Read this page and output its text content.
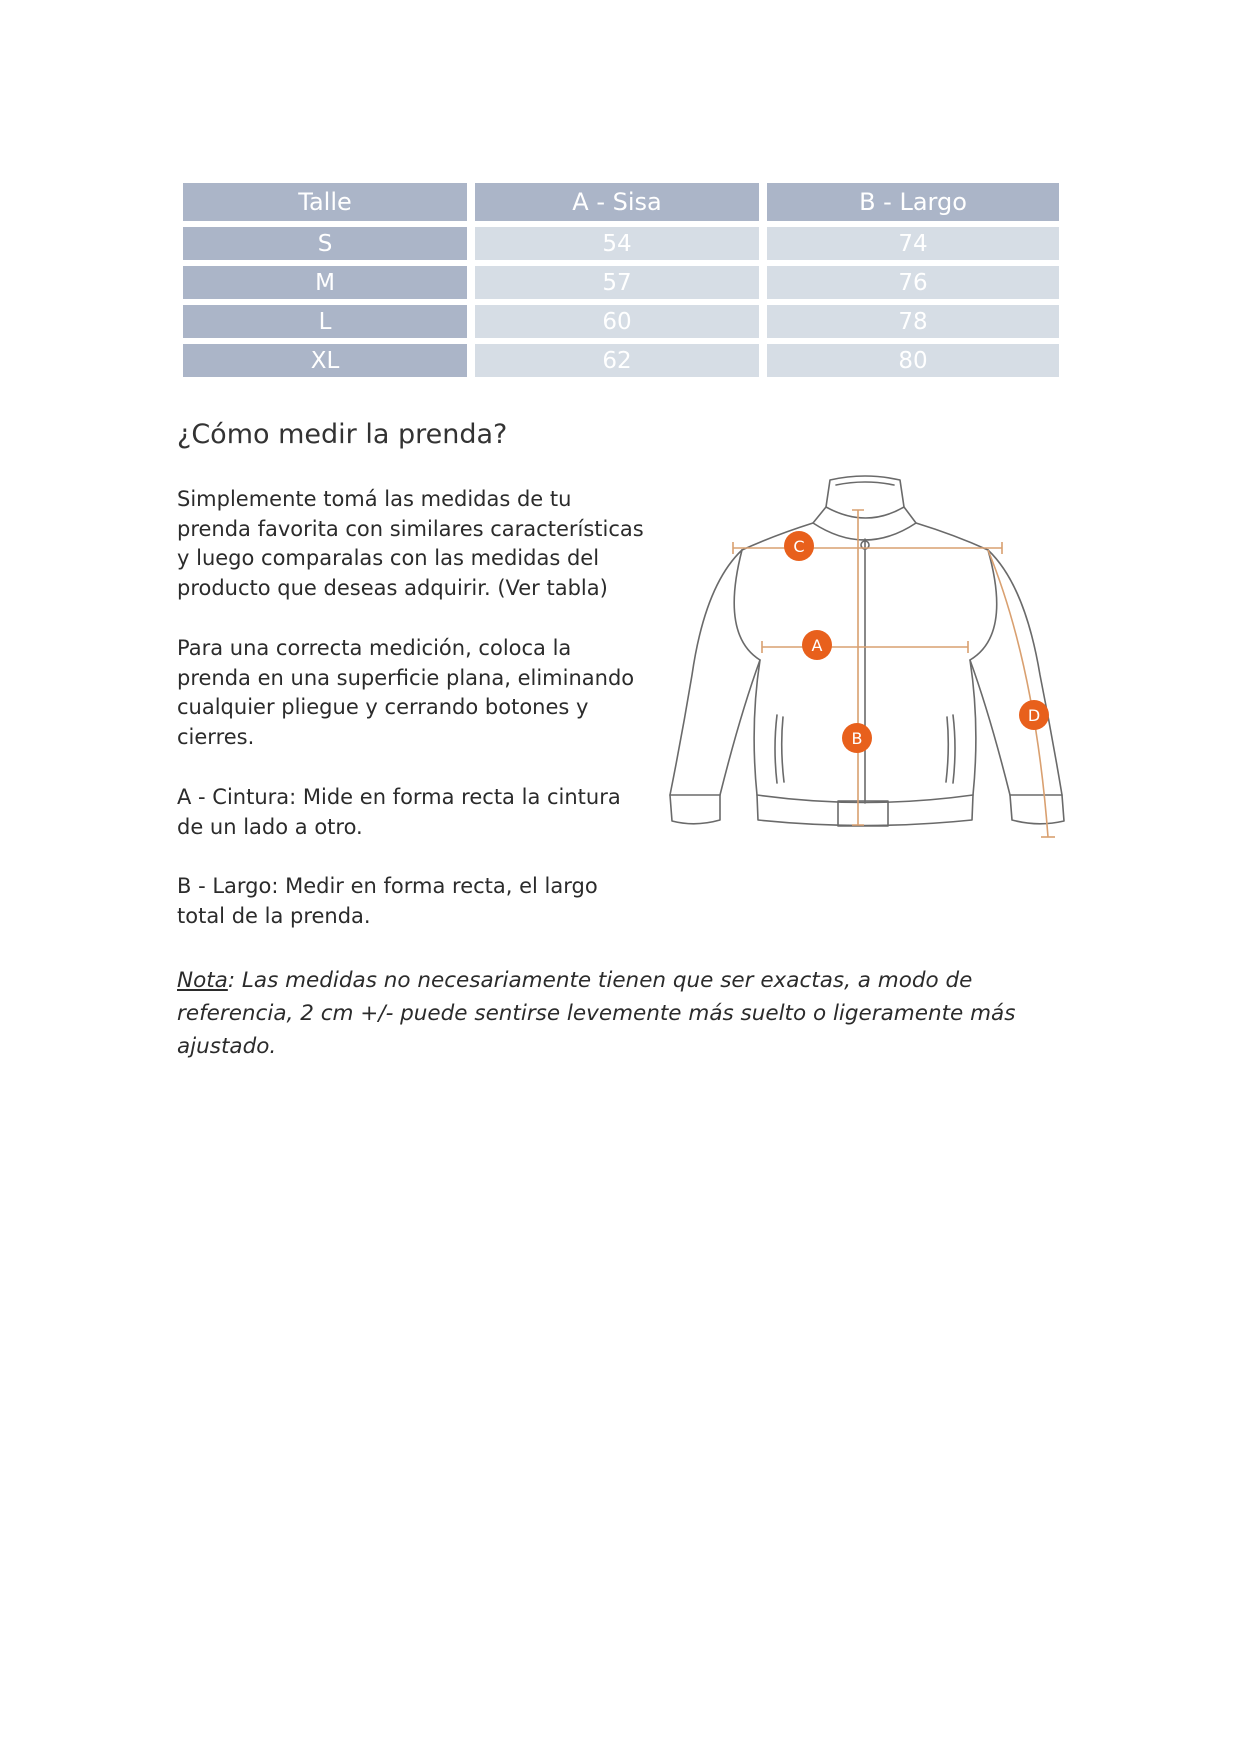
Talle	A - Sisa	B - Largo
S	54	74
M	57	76
L	60	78
XL	62	80
¿Cómo medir la prenda?

Simplemente tomá las medidas de tu prenda favorita con similares características y luego comparalas con las medidas del producto que deseas adquirir. (Ver tabla)

Para una correcta medición, coloca la prenda en una superficie plana, eliminando cualquier pliegue y cerrando botones y cierres.

A - Cintura: Mide en forma recta la cintura de un lado a otro.

B - Largo: Medir en forma recta, el largo total de la prenda.

Nota: Las medidas no necesariamente tienen que ser exactas, a modo de referencia, 2 cm +/- puede sentirse levemente más suelto o ligeramente más ajustado.

C
A
B
D
